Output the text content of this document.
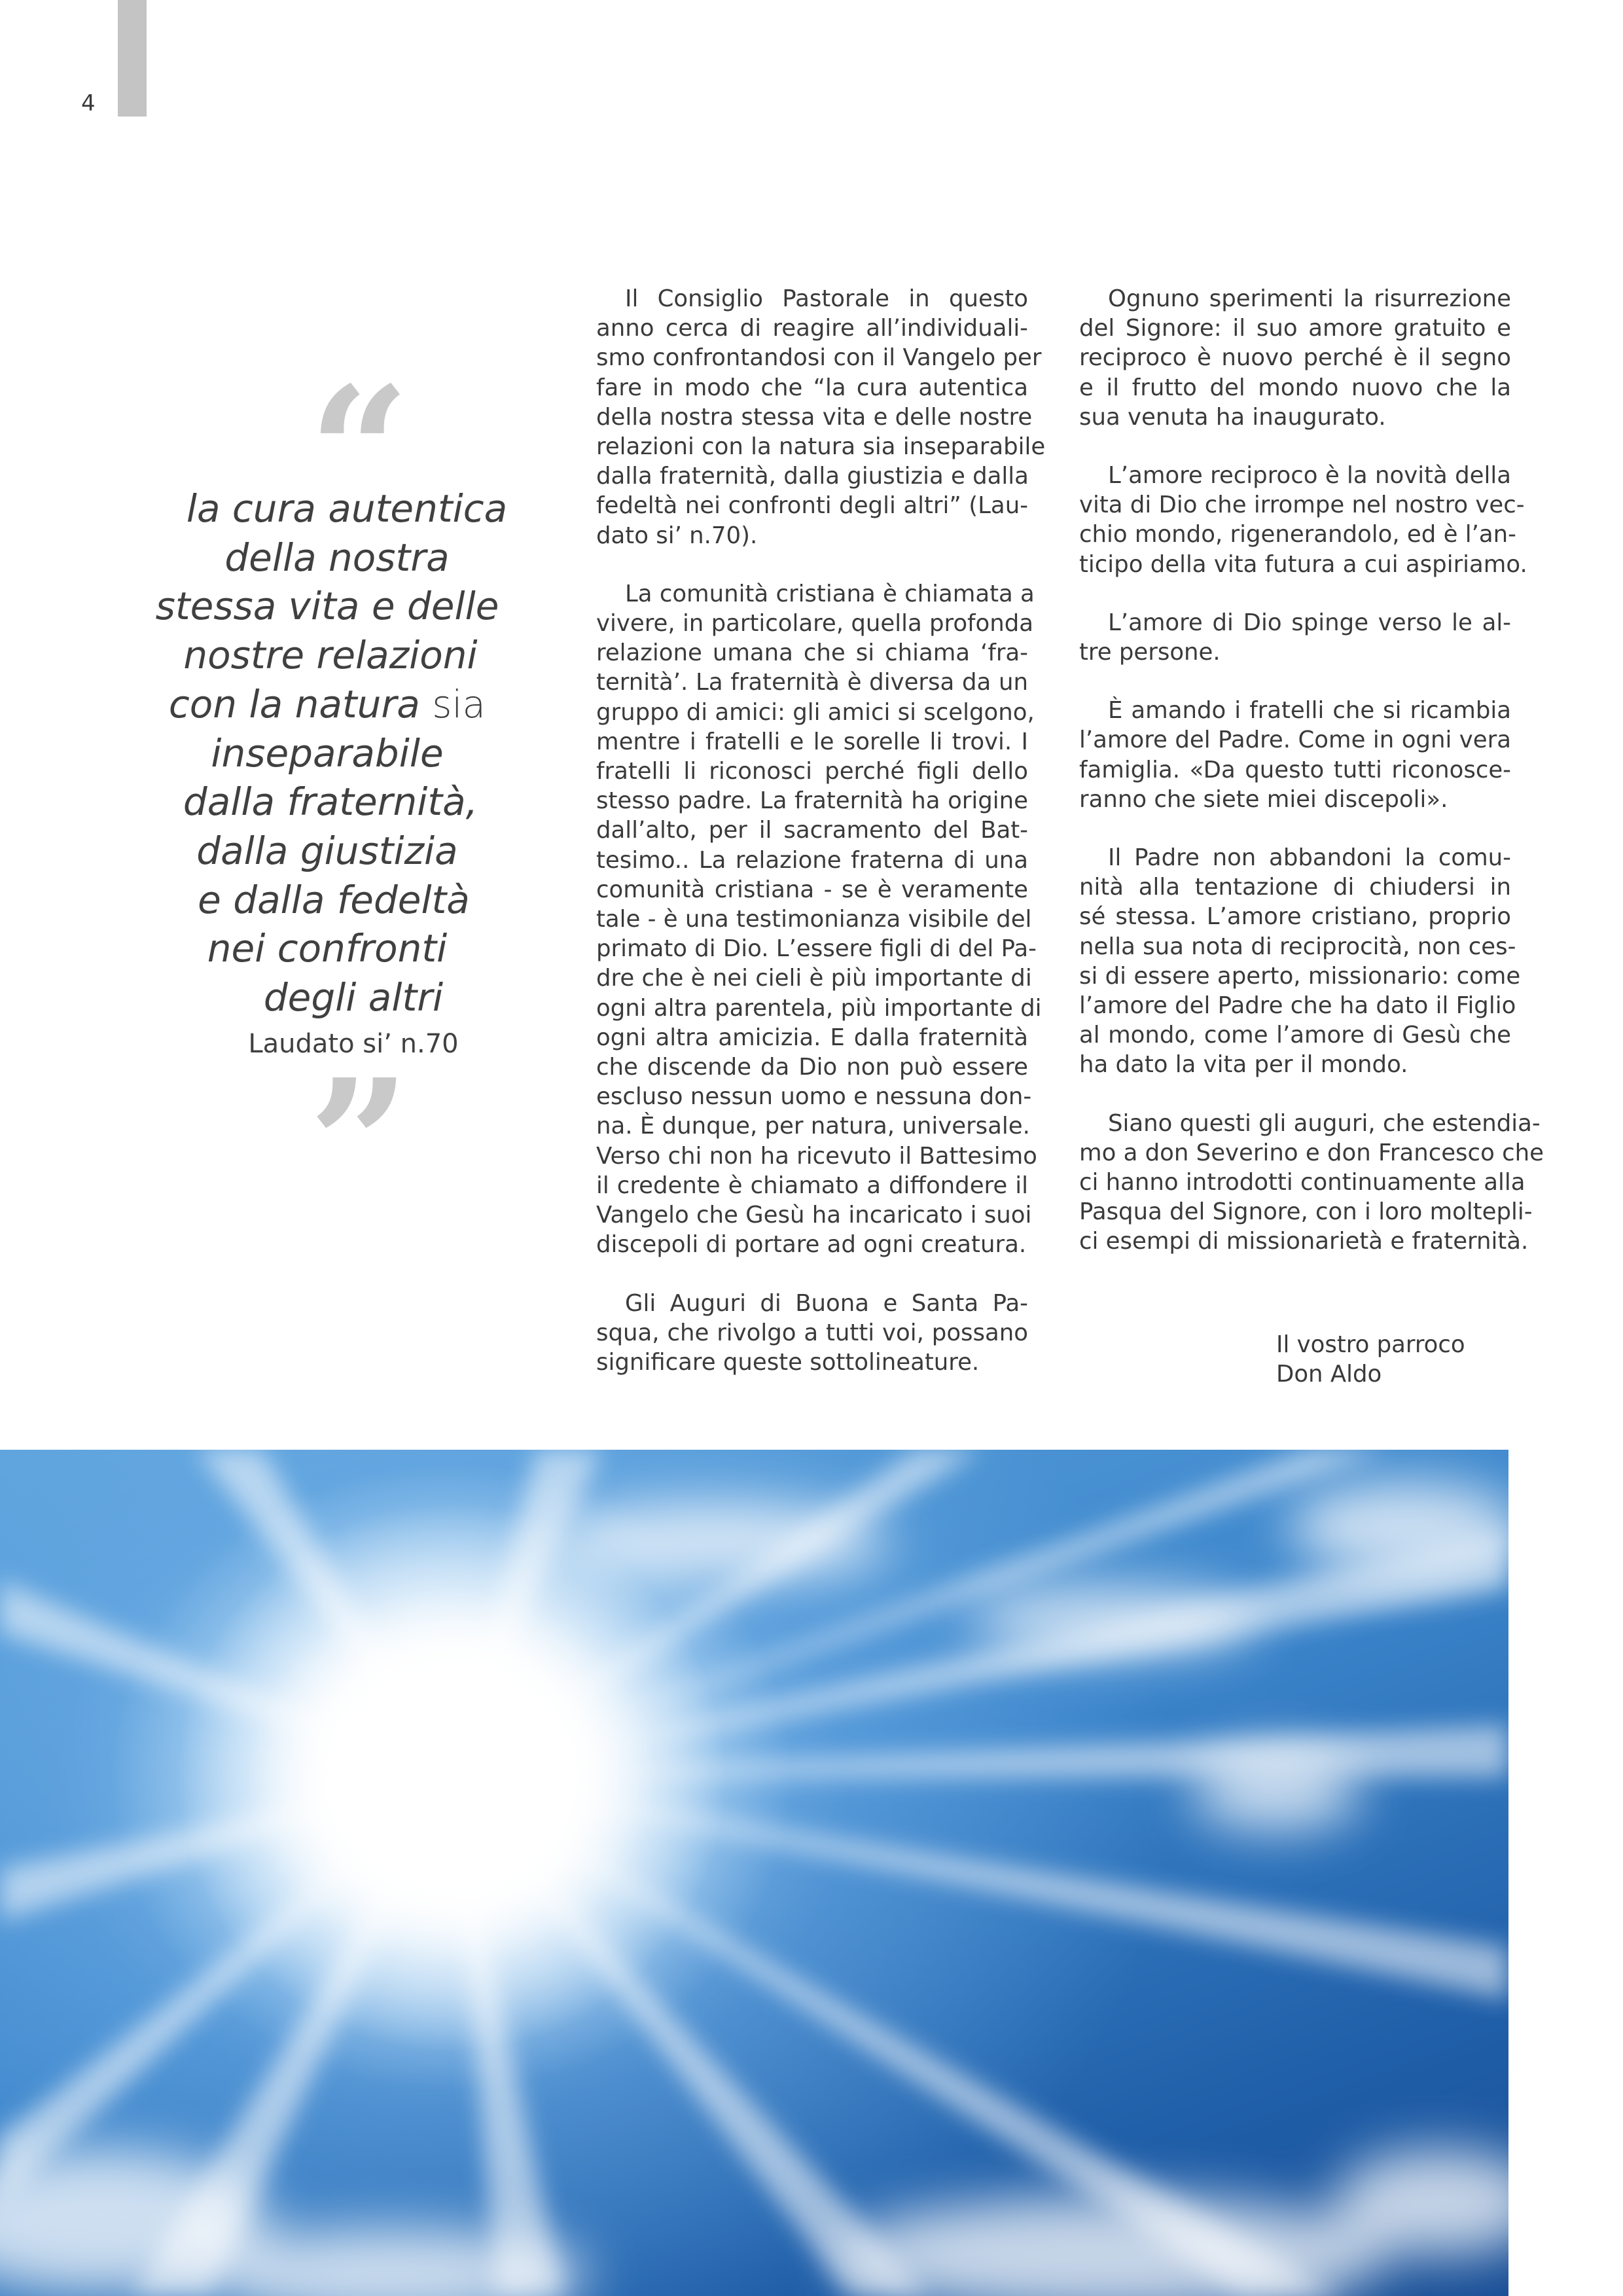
4
“
la cura autentica
della nostra
stessa vita e delle
nostre relazioni
con la natura sia
inseparabile
dalla fraternità,
dalla giustizia
e dalla fedeltà
nei confronti
degli altri
Laudato si’ n.70
”

Il Consiglio Pastorale in questo
anno cerca di reagire all’individuali-
smo confrontandosi con il Vangelo per
fare in modo che “la cura autentica
della nostra stessa vita e delle nostre
relazioni con la natura sia inseparabile
dalla fraternità, dalla giustizia e dalla
fedeltà nei confronti degli altri” (Lau-
dato si’ n.70).

La comunità cristiana è chiamata a
vivere, in particolare, quella profonda
relazione umana che si chiama ‘fra-
ternità’. La fraternità è diversa da un
gruppo di amici: gli amici si scelgono,
mentre i fratelli e le sorelle li trovi. I
fratelli li riconosci perché figli dello
stesso padre. La fraternità ha origine
dall’alto, per il sacramento del Bat-
tesimo.. La relazione fraterna di una
comunità cristiana - se è veramente
tale - è una testimonianza visibile del
primato di Dio. L’essere figli di del Pa-
dre che è nei cieli è più importante di
ogni altra parentela, più importante di
ogni altra amicizia. E dalla fraternità
che discende da Dio non può essere
escluso nessun uomo e nessuna don-
na. È dunque, per natura, universale.
Verso chi non ha ricevuto il Battesimo
il credente è chiamato a diffondere il
Vangelo che Gesù ha incaricato i suoi
discepoli di portare ad ogni creatura.

Gli Auguri di Buona e Santa Pa-
squa, che rivolgo a tutti voi, possano
significare queste sottolineature.

Ognuno sperimenti la risurrezione
del Signore: il suo amore gratuito e
reciproco è nuovo perché è il segno
e il frutto del mondo nuovo che la
sua venuta ha inaugurato.

L’amore reciproco è la novità della
vita di Dio che irrompe nel nostro vec-
chio mondo, rigenerandolo, ed è l’an-
ticipo della vita futura a cui aspiriamo.

L’amore di Dio spinge verso le al-
tre persone.

È amando i fratelli che si ricambia
l’amore del Padre. Come in ogni vera
famiglia. «Da questo tutti riconosce-
ranno che siete miei discepoli».

Il Padre non abbandoni la comu-
nità alla tentazione di chiudersi in
sé stessa. L’amore cristiano, proprio
nella sua nota di reciprocità, non ces-
si di essere aperto, missionario: come
l’amore del Padre che ha dato il Figlio
al mondo, come l’amore di Gesù che
ha dato la vita per il mondo.

Siano questi gli auguri, che estendia-
mo a don Severino e don Francesco che
ci hanno introdotti continuamente alla
Pasqua del Signore, con i loro moltepli-
ci esempi di missionarietà e fraternità.

Il vostro parroco
Don Aldo
